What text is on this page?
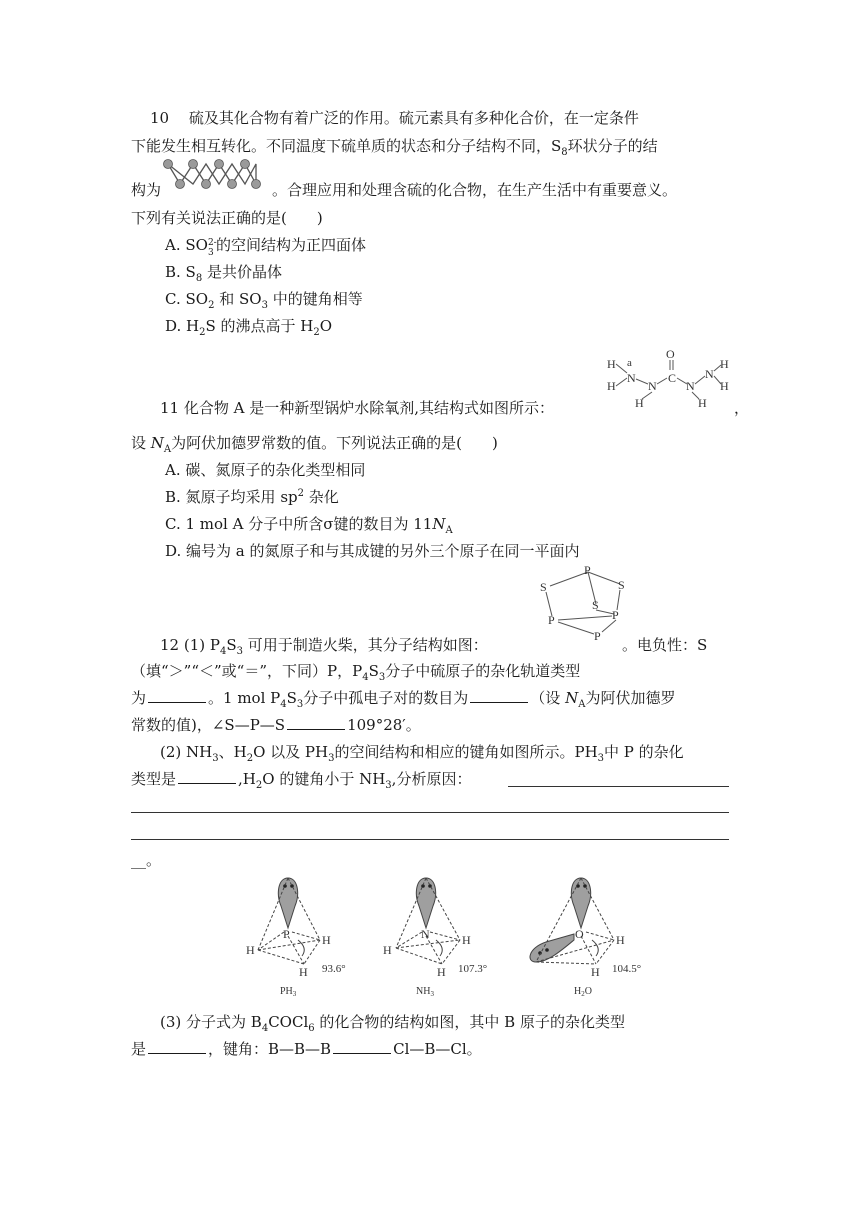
10　 硫及其化合物有着广泛的作用。硫元素具有多种化合价，在一定条件
下能发生相互转化。不同温度下硫单质的状态和分子结构不同，$S_8$环状分子的结
构为	。合理应用和处理含硫的化合物，在生产生活中有重要意义。
下列有关说法正确的是(　　)
A. SO 2-
3 的空间结构为正四面体
B. $S_8$ 是共价晶体
C. $SO_2$ 和 $SO_3$ 中的键角相等
D. $H_2S$ 的沸点高于 $H_2O$
H
H
a
N
N
H
O
C
N
H
N
H
H
11 化合物 A 是一种新型锅炉水除氧剂,其结构式如图所示：	，
设 $N_A$为阿伏加德罗常数的值。下列说法正确的是(　　)
A. 碳、氮原子的杂化类型相同
B. 氮原子均采用 $sp^2$ 杂化
C. 1 mol A 分子中所含σ键的数目为 $11N_A$
D. 编号为 a 的氮原子和与其成键的另外三个原子在同一平面内
P
S	S
S
P
P
P
12 (1) $P_4S_3$ 可用于制造火柴，其分子结构如图：	。电负性：S
（填“＞”“＜”或“＝”，下同）P，$P_4S_3$分子中硫原子的杂化轨道类型
为	。1 mol $P_4S_3$分子中孤电子对的数目为	（设 $N_A$为阿伏加德罗
常数的值)，∠S—P—S	109°28′。
(2) $NH_3$、$H_2O$ 以及 $PH_3$的空间结构和相应的键角如图所示。$PH_3$中 P 的杂化
类型是	$,H_2O$ 的键角小于 $NH_3$,分析原因：
__。
P
H
H
H 93.6°
$PH_3$
N
H
H
H 107.3°
$NH_3$
O	H
H 104.5°
$H_2O$
(3) 分子式为 $B_4COCl_6$ 的化合物的结构如图，其中 B 原子的杂化类型
是	，键角：B—B—B	Cl—B—Cl。
